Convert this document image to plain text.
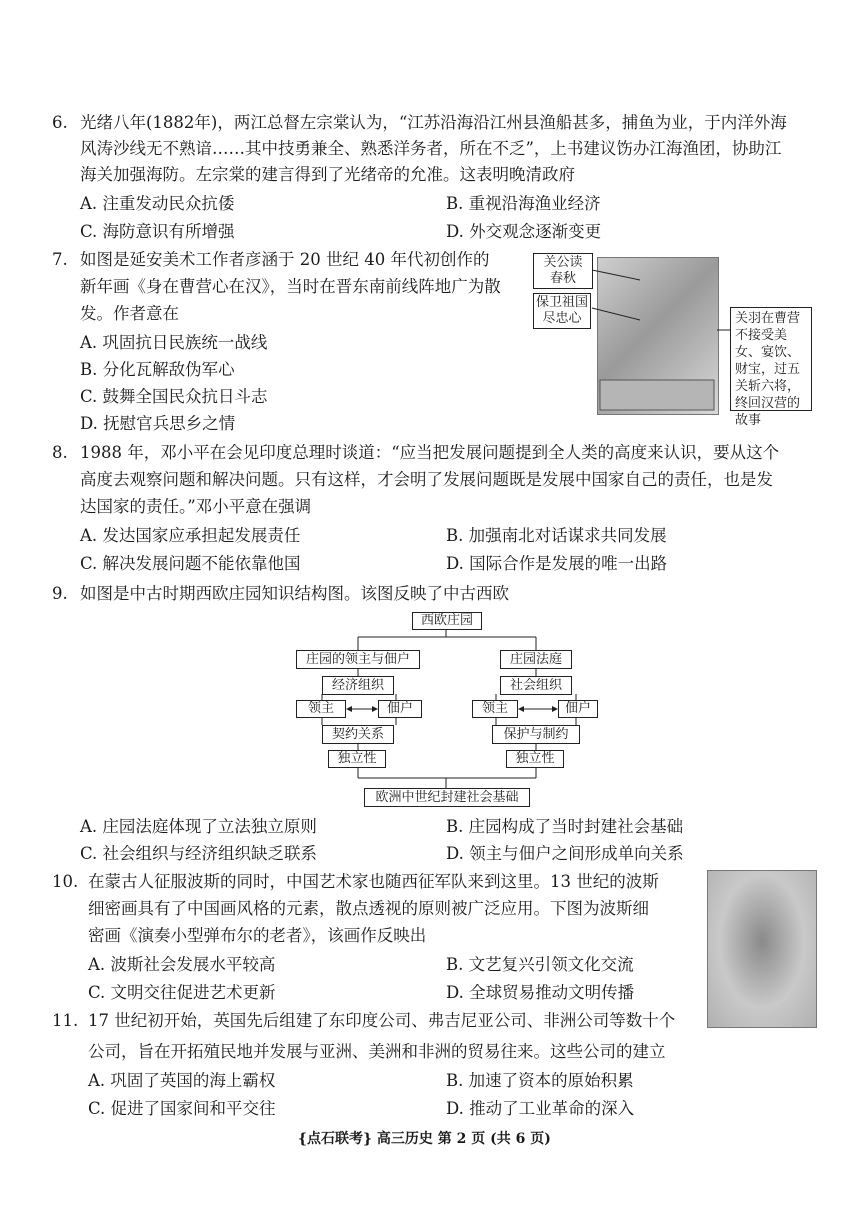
6. 光绪八年(1882年)，两江总督左宗棠认为，“江苏沿海沿江州县渔船甚多，捕鱼为业，于内洋外海
风涛沙线无不熟谙……其中技勇兼全、熟悉洋务者，所在不乏”，上书建议饬办江海渔团，协助江
海关加强海防。左宗棠的建言得到了光绪帝的允准。这表明晚清政府
A. 注重发动民众抗倭	B. 重视沿海渔业经济
C. 海防意识有所增强	D. 外交观念逐渐变更
7. 如图是延安美术工作者彦涵于 20 世纪 40 年代初创作的
新年画《身在曹营心在汉》，当时在晋东南前线阵地广为散
发。作者意在
A. 巩固抗日民族统一战线
B. 分化瓦解敌伪军心
C. 鼓舞全国民众抗日斗志
D. 抚慰官兵思乡之情
关公读
春秋
保卫祖国
尽忠心	关羽在曹营不接受美女、宴饮、财宝，过五关斩六将，终回汉营的故事
8. 1988 年，邓小平在会见印度总理时谈道：“应当把发展问题提到全人类的高度来认识，要从这个
高度去观察问题和解决问题。只有这样，才会明了发展问题既是发展中国家自己的责任，也是发
达国家的责任。”邓小平意在强调
A. 发达国家应承担起发展责任	B. 加强南北对话谋求共同发展
C. 解决发展问题不能依靠他国	D. 国际合作是发展的唯一出路
9. 如图是中古时期西欧庄园知识结构图。该图反映了中古西欧
西欧庄园
庄园的领主与佃户	庄园法庭
经济组织	社会组织
领主	佃户	领主	佃户
契约关系	保护与制约
独立性	独立性
欧洲中世纪封建社会基础
A. 庄园法庭体现了立法独立原则	B. 庄园构成了当时封建社会基础
C. 社会组织与经济组织缺乏联系	D. 领主与佃户之间形成单向关系
10. 在蒙古人征服波斯的同时，中国艺术家也随西征军队来到这里。13 世纪的波斯
细密画具有了中国画风格的元素，散点透视的原则被广泛应用。下图为波斯细
密画《演奏小型弹布尔的老者》，该画作反映出
A. 波斯社会发展水平较高	B. 文艺复兴引领文化交流
C. 文明交往促进艺术更新	D. 全球贸易推动文明传播
11. 17 世纪初开始，英国先后组建了东印度公司、弗吉尼亚公司、非洲公司等数十个
公司，旨在开拓殖民地并发展与亚洲、美洲和非洲的贸易往来。这些公司的建立
A. 巩固了英国的海上霸权	B. 加速了资本的原始积累
C. 促进了国家间和平交往	D. 推动了工业革命的深入
{点石联考} 高三历史 第 2 页 (共 6 页)
